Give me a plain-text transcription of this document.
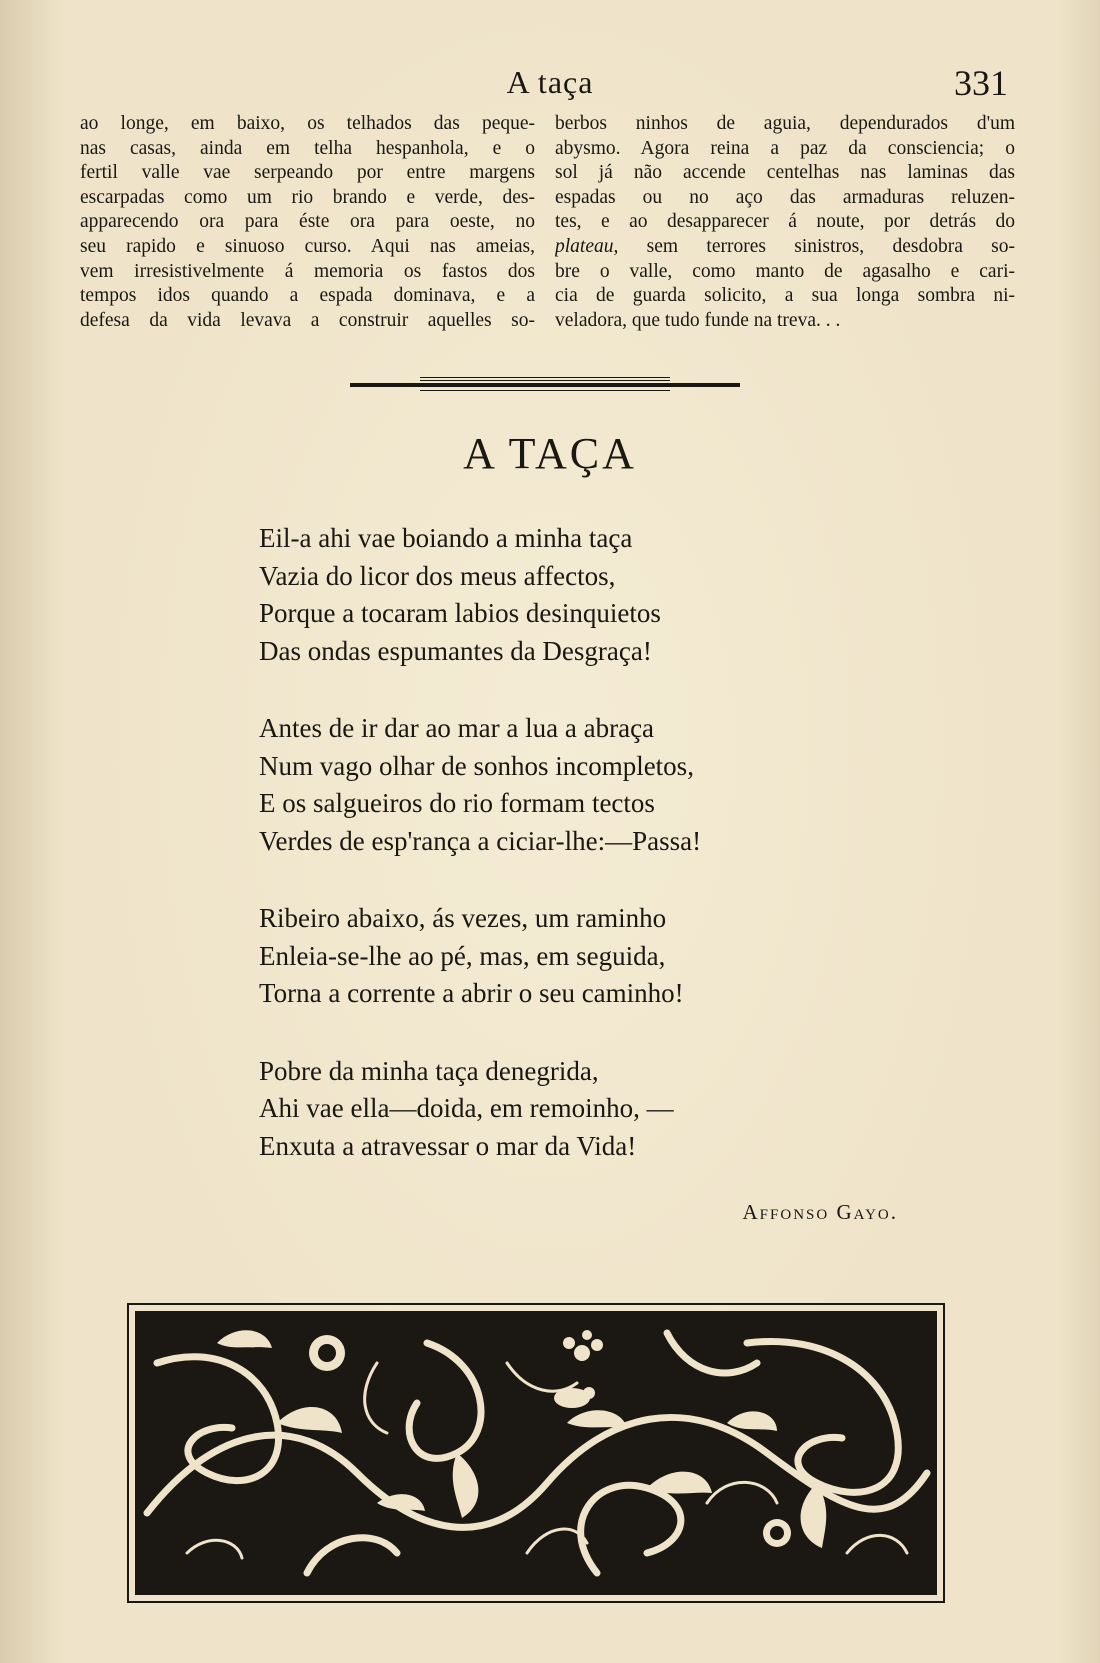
A taça	331
ao longe, em baixo, os telhados das peque-
nas casas, ainda em telha hespanhola, e o
fertil valle vae serpeando por entre margens
escarpadas como um rio brando e verde, des-
apparecendo ora para éste ora para oeste, no
seu rapido e sinuoso curso. Aqui nas ameias,
vem irresistivelmente á memoria os fastos dos
tempos idos quando a espada dominava, e a
defesa da vida levava a construir aquelles so-
berbos ninhos de aguia, dependurados d'um
abysmo. Agora reina a paz da consciencia; o
sol já não accende centelhas nas laminas das
espadas ou no aço das armaduras reluzen-
tes, e ao desapparecer á noute, por detrás do
plateau, sem terrores sinistros, desdobra so-
bre o valle, como manto de agasalho e cari-
cia de guarda solicito, a sua longa sombra ni-
veladora, que tudo funde na treva. . .
A TAÇA
Eil-a ahi vae boiando a minha taça
Vazia do licor dos meus affectos,
Porque a tocaram labios desinquietos
Das ondas espumantes da Desgraça!
Antes de ir dar ao mar a lua a abraça
Num vago olhar de sonhos incompletos,
E os salgueiros do rio formam tectos
Verdes de esp'rança a ciciar-lhe:—Passa!
Ribeiro abaixo, ás vezes, um raminho
Enleia-se-lhe ao pé, mas, em seguida,
Torna a corrente a abrir o seu caminho!
Pobre da minha taça denegrida,
Ahi vae ella—doida, em remoinho, —
Enxuta a atravessar o mar da Vida!
Affonso Gayo.
